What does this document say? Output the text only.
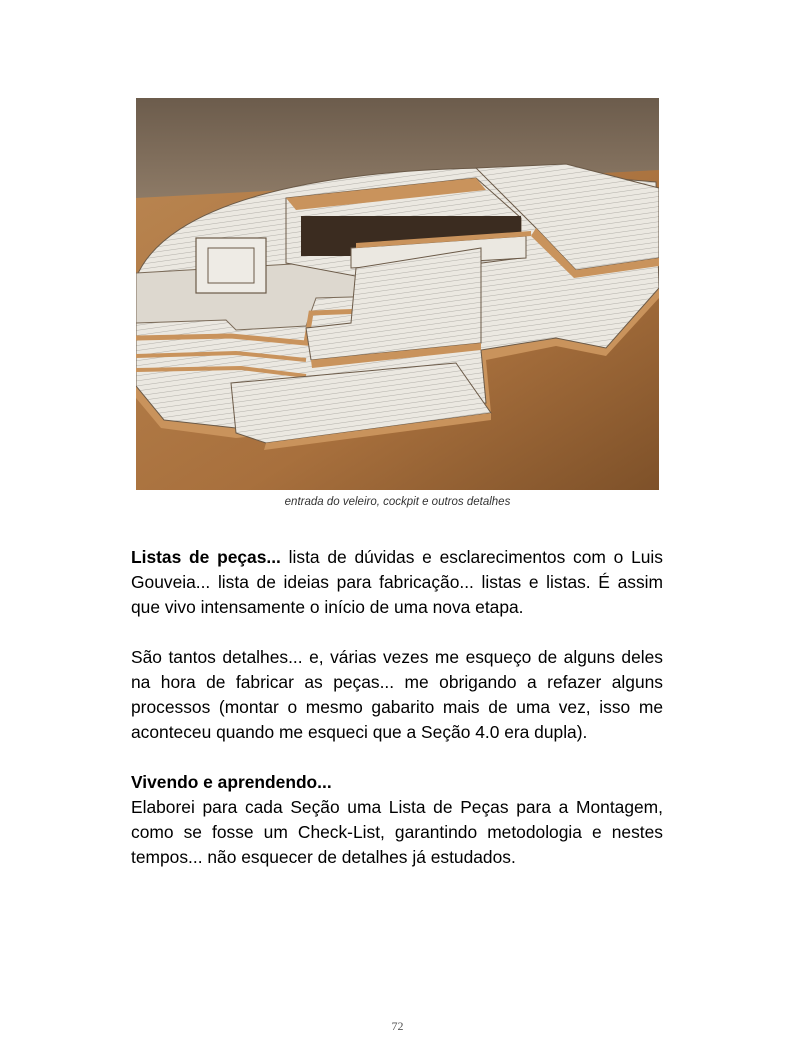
entrada do veleiro, cockpit e outros detalhes

Listas de peças... lista de dúvidas e esclarecimentos com o Luis Gouveia... lista de ideias para fabricação... listas e listas. É assim que vivo intensamente o início de uma nova etapa.

São tantos detalhes... e, várias vezes me esqueço de alguns deles na hora de fabricar as peças... me obrigando a refazer alguns processos (montar o mesmo gabarito mais de uma vez, isso me aconteceu quando me esqueci que a Seção 4.0 era dupla).

Vivendo e aprendendo...
Elaborei para cada Seção uma Lista de Peças para a Montagem, como se fosse um Check-List, garantindo metodologia e nestes tempos... não esquecer de detalhes já estudados.

72
